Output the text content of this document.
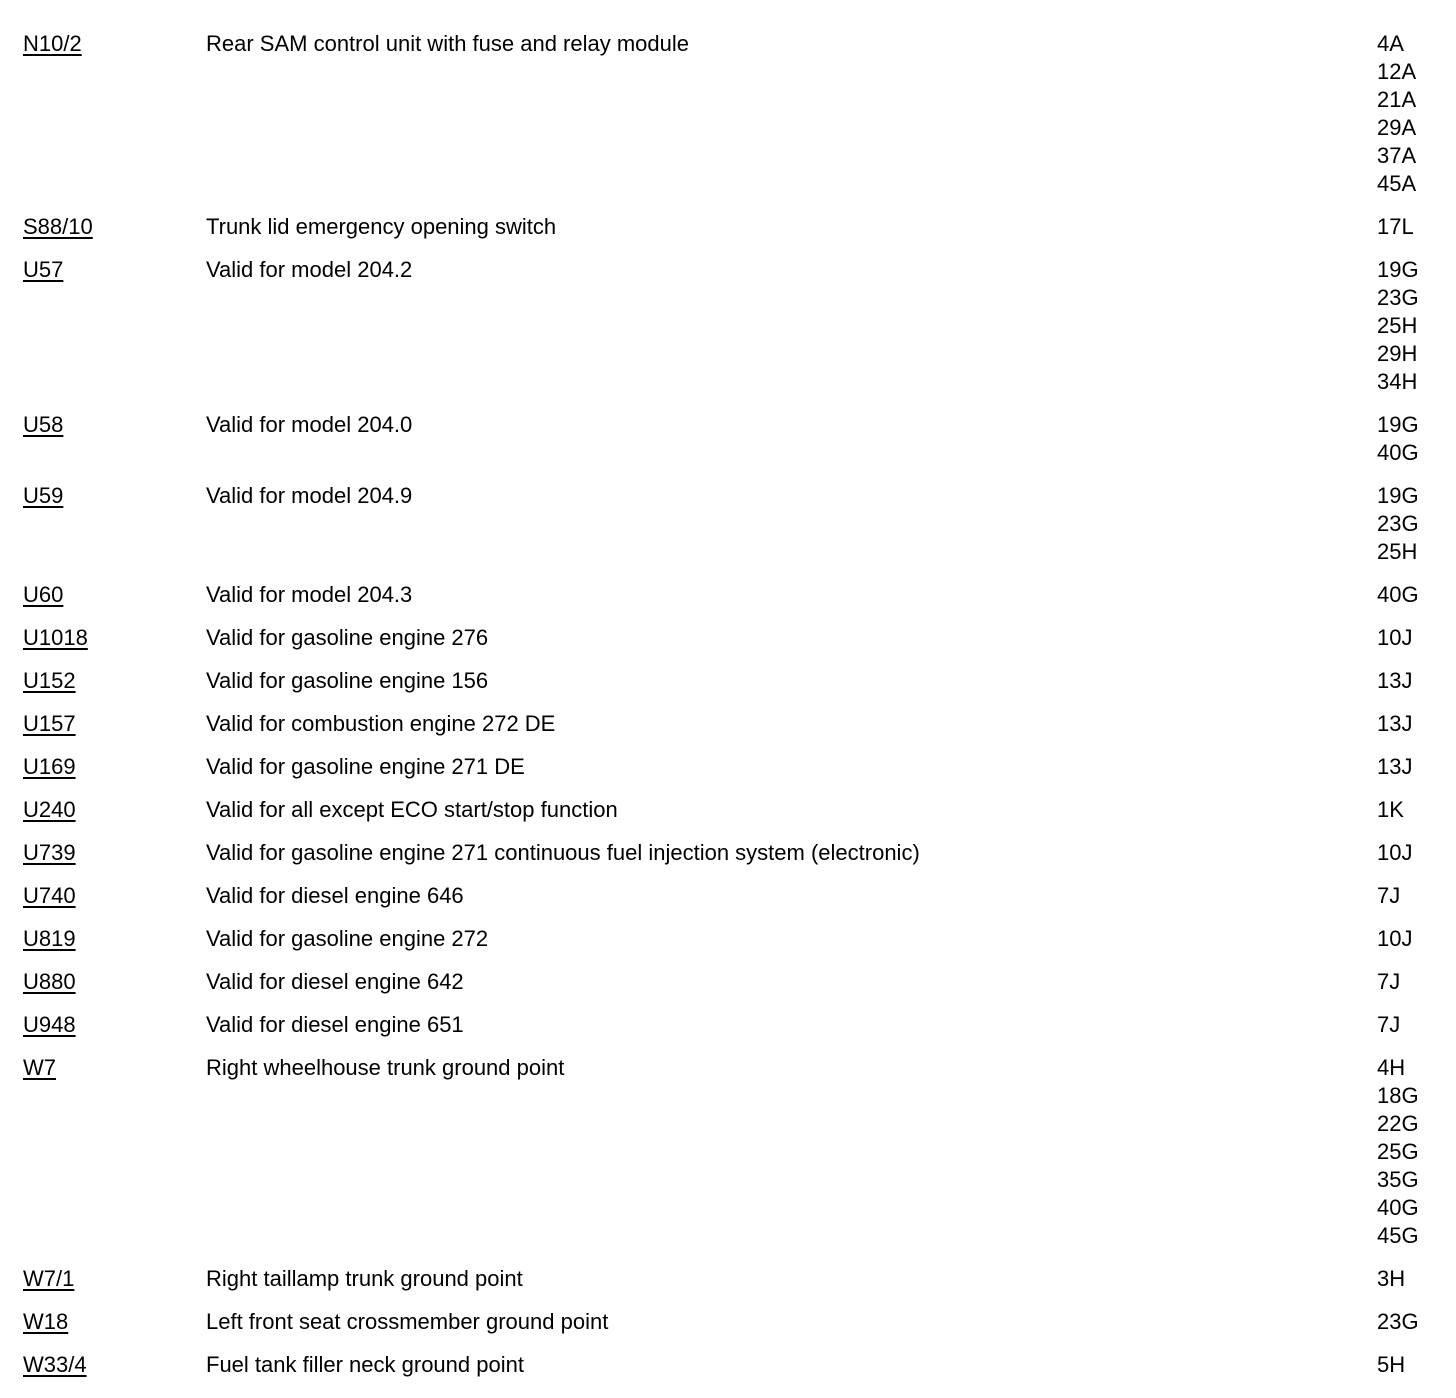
N10/2	Rear SAM control unit with fuse and relay module	4A
12A
21A
29A
37A
45A
S88/10	Trunk lid emergency opening switch	17L
U57	Valid for model 204.2	19G
23G
25H
29H
34H
U58	Valid for model 204.0	19G
40G
U59	Valid for model 204.9	19G
23G
25H
U60	Valid for model 204.3	40G
U1018	Valid for gasoline engine 276	10J
U152	Valid for gasoline engine 156	13J
U157	Valid for combustion engine 272 DE	13J
U169	Valid for gasoline engine 271 DE	13J
U240	Valid for all except ECO start/stop function	1K
U739	Valid for gasoline engine 271 continuous fuel injection system (electronic)	10J
U740	Valid for diesel engine 646	7J
U819	Valid for gasoline engine 272	10J
U880	Valid for diesel engine 642	7J
U948	Valid for diesel engine 651	7J
W7	Right wheelhouse trunk ground point	4H
18G
22G
25G
35G
40G
45G
W7/1	Right taillamp trunk ground point	3H
W18	Left front seat crossmember ground point	23G
W33/4	Fuel tank filler neck ground point	5H
